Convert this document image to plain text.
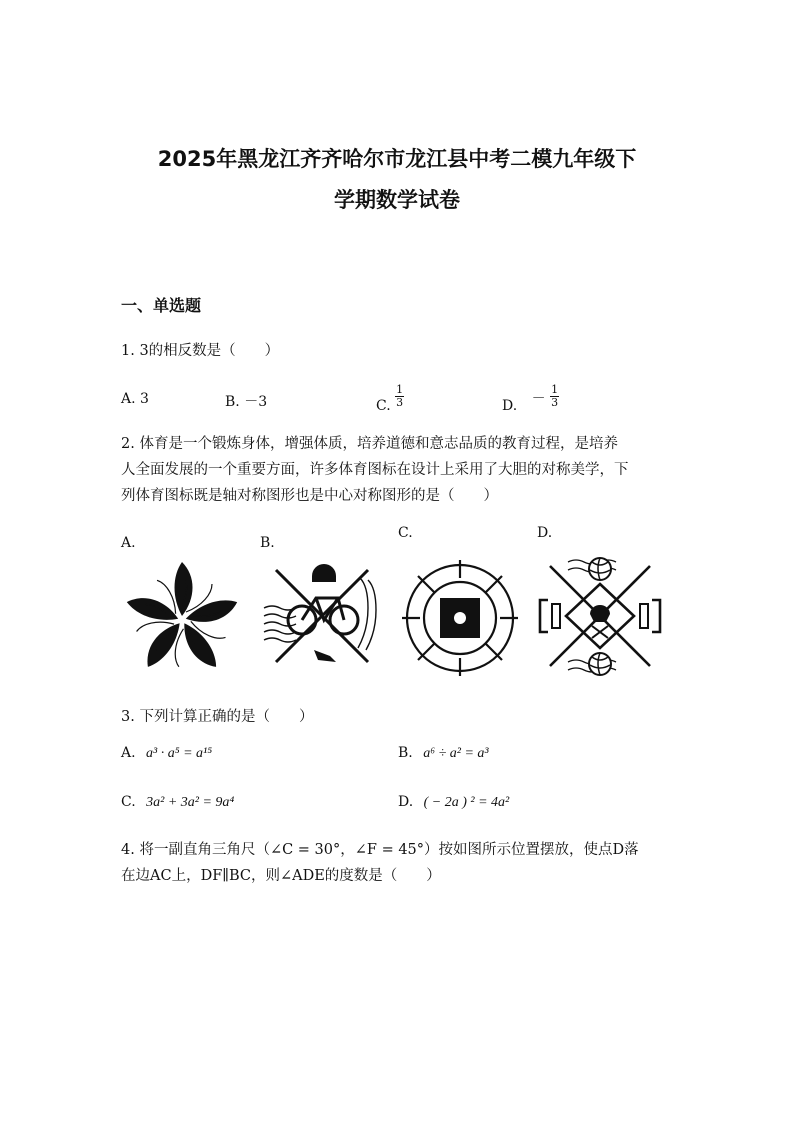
2025年黑龙江齐齐哈尔市龙江县中考二模九年级下
学期数学试卷
一、单选题
1. 3的相反数是（　　）
A. 3	B. －3	C. $\frac{1}{3}$	D. － $\frac{1}{3}$
2. 体育是一个锻炼身体，增强体质，培养道德和意志品质的教育过程，是培养
人全面发展的一个重要方面，许多体育图标在设计上采用了大胆的对称美学，下
列体育图标既是轴对称图形也是中心对称图形的是（　　）
A.	B.
C.	D.
3. 下列计算正确的是（　　）
A. a³ · a⁵ = a¹⁵	B. a⁶ ÷ a² = a³
C. 3a² + 3a² = 9a⁴	D. ( − 2a ) ² = 4a²
4. 将一副直角三角尺（∠C = 30°，∠F = 45°）按如图所示位置摆放，使点D落
在边AC上，DF∥BC，则∠ADE的度数是（　　）
